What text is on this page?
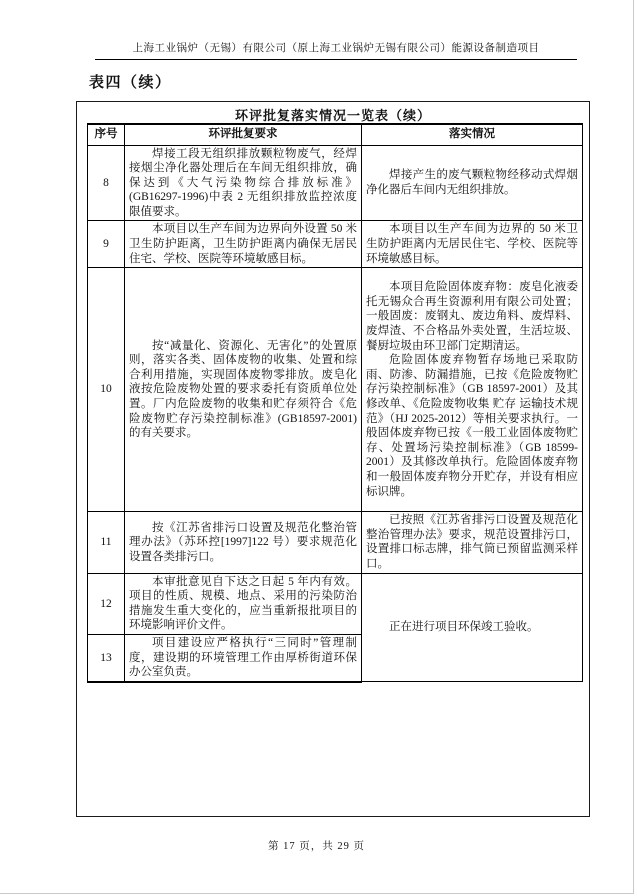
上海工业锅炉（无锡）有限公司（原上海工业锅炉无锡有限公司）能源设备制造项目
表四（续）
环评批复落实情况一览表（续）
序号	环评批复要求	落实情况
8	焊接工段无组织排放颗粒物废气，经焊接烟尘净化器处理后在车间无组织排放，确保达到《大气污染物综合排放标准》(GB16297-1996)中表 2 无组织排放监控浓度限值要求。	焊接产生的废气颗粒物经移动式焊烟净化器后车间内无组织排放。

9	本项目以生产车间为边界向外设置 50 米卫生防护距离，卫生防护距离内确保无居民住宅、学校、医院等环境敏感目标。	本项目以生产车间为边界的 50 米卫生防护距离内无居民住宅、学校、医院等环境敏感目标。

10	按“减量化、资源化、无害化”的处置原则，落实各类、固体废物的收集、处置和综合利用措施，实现固体废物零排放。废皂化液按危险废物处置的要求委托有资质单位处置。厂内危险废物的收集和贮存须符合《危险废物贮存污染控制标准》(GB18597-2001)的有关要求。	本项目危险固体废弃物：废皂化液委托无锡众合再生资源利用有限公司处置；一般固废：废钢丸、废边角料、废焊料、废焊渣、不合格品外卖处置，生活垃圾、餐厨垃圾由环卫部门定期清运。

危险固体废弃物暂存场地已采取防雨、防渗、防漏措施，已按《危险废物贮存污染控制标准》（GB 18597-2001）及其修改单、《危险废物收集 贮存 运输技术规范》（HJ 2025-2012）等相关要求执行。一般固体废弃物已按《一般工业固体废物贮存、处置场污染控制标准》（GB 18599-2001）及其修改单执行。危险固体废弃物和一般固体废弃物分开贮存，并设有相应标识牌。

11	按《江苏省排污口设置及规范化整治管理办法》（苏环控[1997]122 号）要求规范化设置各类排污口。	已按照《江苏省排污口设置及规范化整治管理办法》要求，规范设置排污口，设置排口标志牌，排气筒已预留监测采样口。

12	本审批意见自下达之日起 5 年内有效。项目的性质、规模、地点、采用的污染防治措施发生重大变化的，应当重新报批项目的环境影响评价文件。	正在进行项目环保竣工验收。

13	项目建设应严格执行“三同时”管理制度，建设期的环境管理工作由厚桥街道环保办公室负责。	

第 17 页，共 29 页
